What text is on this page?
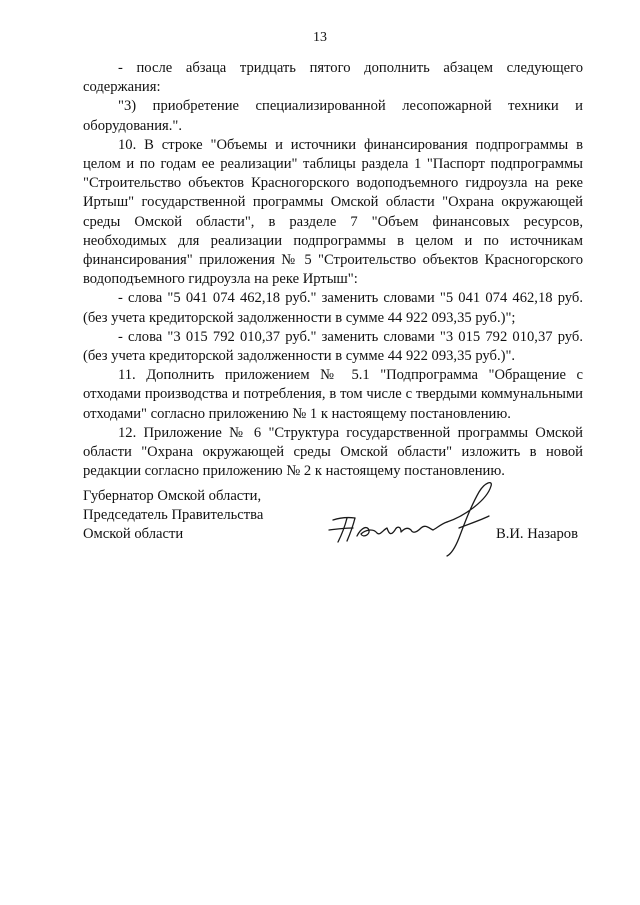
13

- после абзаца тридцать пятого дополнить абзацем следующего содержания:

"3) приобретение специализированной лесопожарной техники и оборудования.".

10. В строке "Объемы и источники финансирования подпрограммы в целом и по годам ее реализации" таблицы раздела 1 "Паспорт подпрограммы "Строительство объектов Красногорского водоподъемного гидроузла на реке Иртыш" государственной программы Омской области "Охрана окружающей среды Омской области", в разделе 7 "Объем финансовых ресурсов, необходимых для реализации подпрограммы в целом и по источникам финансирования" приложения № 5 "Строительство объектов Красногорского водоподъемного гидроузла на реке Иртыш":

- слова "5 041 074 462,18 руб." заменить словами "5 041 074 462,18 руб. (без учета кредиторской задолженности в сумме 44 922 093,35 руб.)";

- слова "3 015 792 010,37 руб." заменить словами "3 015 792 010,37 руб. (без учета кредиторской задолженности в сумме 44 922 093,35 руб.)".

11. Дополнить приложением № 5.1 "Подпрограмма "Обращение с отходами производства и потребления, в том числе с твердыми коммунальными отходами" согласно приложению № 1 к настоящему постановлению.

12. Приложение № 6 "Структура государственной программы Омской области "Охрана окружающей среды Омской области" изложить в новой редакции согласно приложению № 2 к настоящему постановлению.

Губернатор Омской области,
Председатель Правительства
Омской области	В.И. Назаров
